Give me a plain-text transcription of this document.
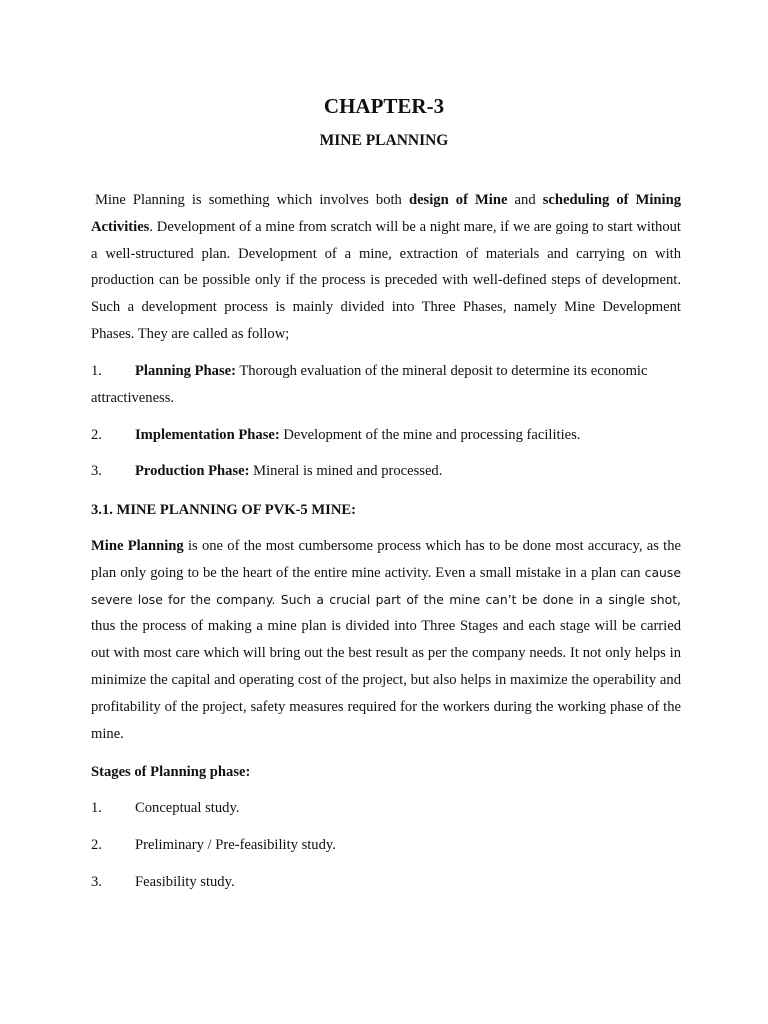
CHAPTER-3
MINE PLANNING

Mine Planning is something which involves both design of Mine and scheduling of Mining Activities. Development of a mine from scratch will be a night mare, if we are going to start without a well-structured plan. Development of a mine, extraction of materials and carrying on with production can be possible only if the process is preceded with well-defined steps of development. Such a development process is mainly divided into Three Phases, namely Mine Development Phases. They are called as follow;

1. Planning Phase: Thorough evaluation of the mineral deposit to determine its economic attractiveness.
2. Implementation Phase: Development of the mine and processing facilities.
3. Production Phase: Mineral is mined and processed.
3.1. MINE PLANNING OF PVK-5 MINE:

Mine Planning is one of the most cumbersome process which has to be done most accuracy, as the plan only going to be the heart of the entire mine activity. Even a small mistake in a plan can cause severe lose for the company. Such a crucial part of the mine can’t be done in a single shot, thus the process of making a mine plan is divided into Three Stages and each stage will be carried out with most care which will bring out the best result as per the company needs. It not only helps in minimize the capital and operating cost of the project, but also helps in maximize the operability and profitability of the project, safety measures required for the workers during the working phase of the mine.

Stages of Planning phase:
1. Conceptual study.
2. Preliminary / Pre-feasibility study.
3. Feasibility study.
